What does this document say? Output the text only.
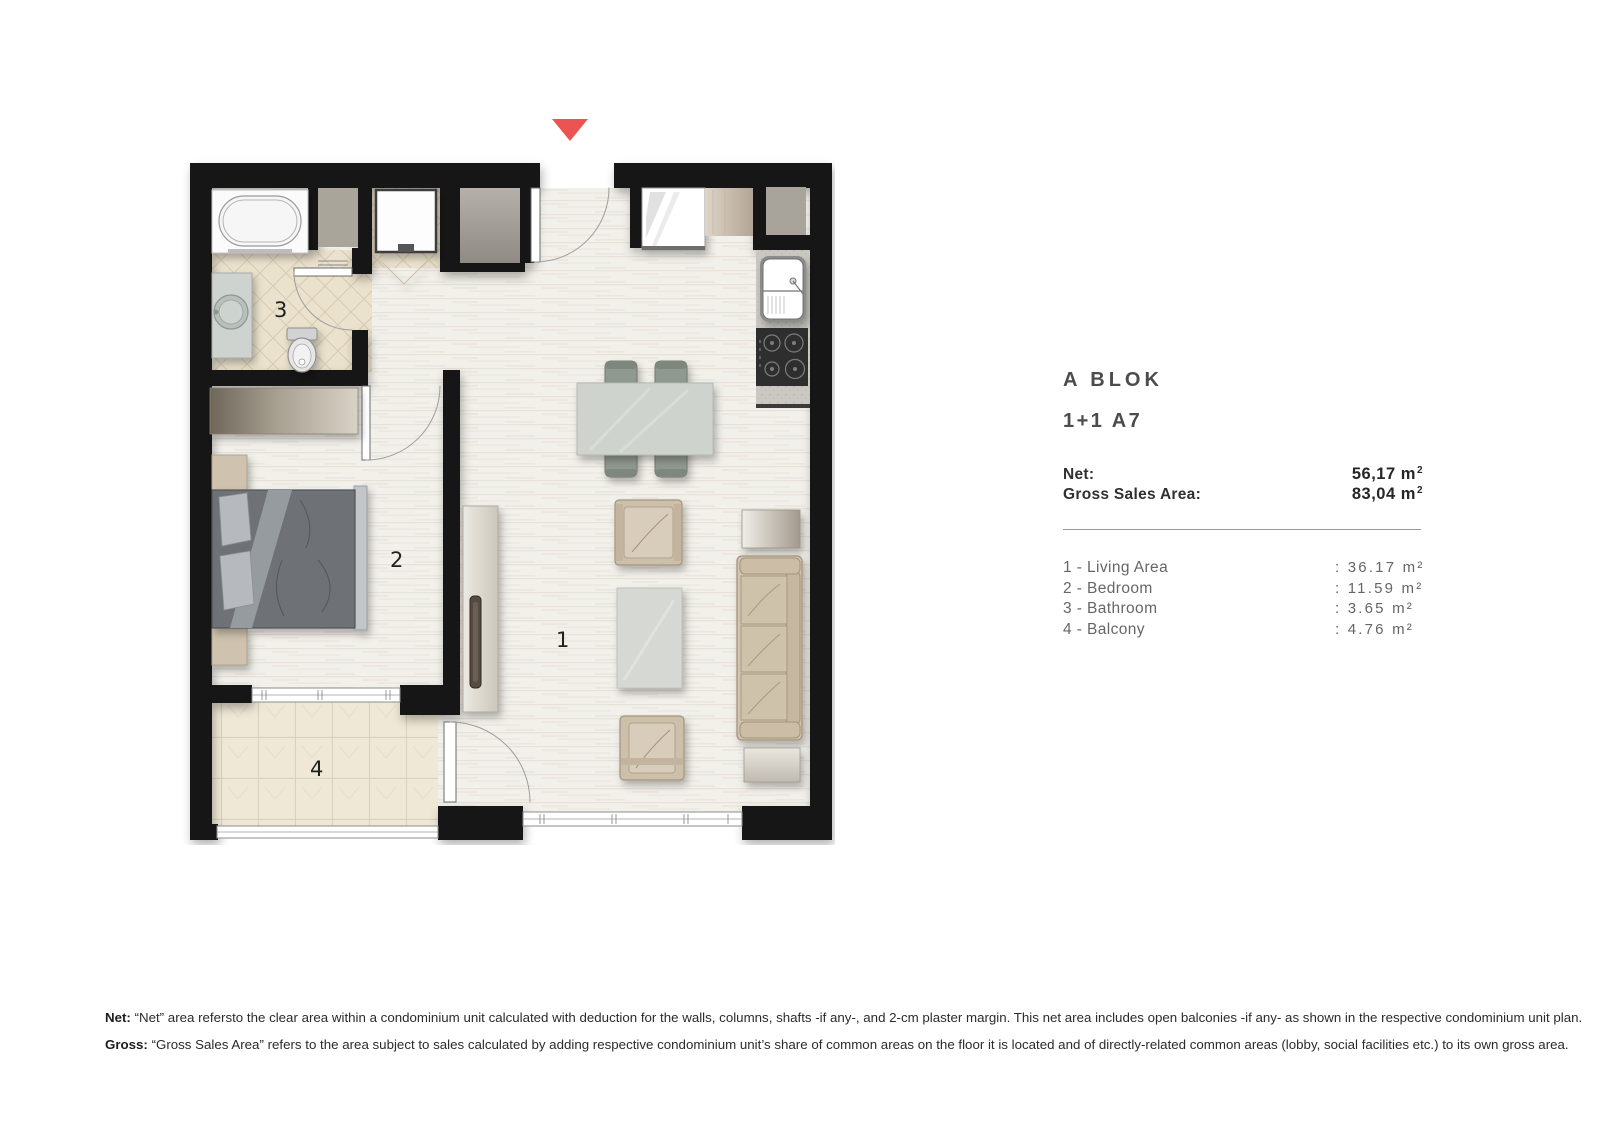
1
2
3
4
A BLOK
1+1 A7
Net:	56,17 $m^2$
Gross Sales Area:	83,04 $m^2$
1 - Living Area	: 36.17 m²
2 - Bedroom	: 11.59 m²
3 - Bathroom	: 3.65 m²
4 - Balcony	: 4.76 m²
Net: “Net” area refersto the clear area within a condominium unit calculated with deduction for the walls, columns, shafts -if any-, and 2-cm plaster margin. This net area includes open balconies -if any- as shown in the respective condominium unit plan.
Gross: “Gross Sales Area” refers to the area subject to sales calculated by adding respective condominium unit’s share of common areas on the floor it is located and of directly-related common areas (lobby, social facilities etc.) to its own gross area.
